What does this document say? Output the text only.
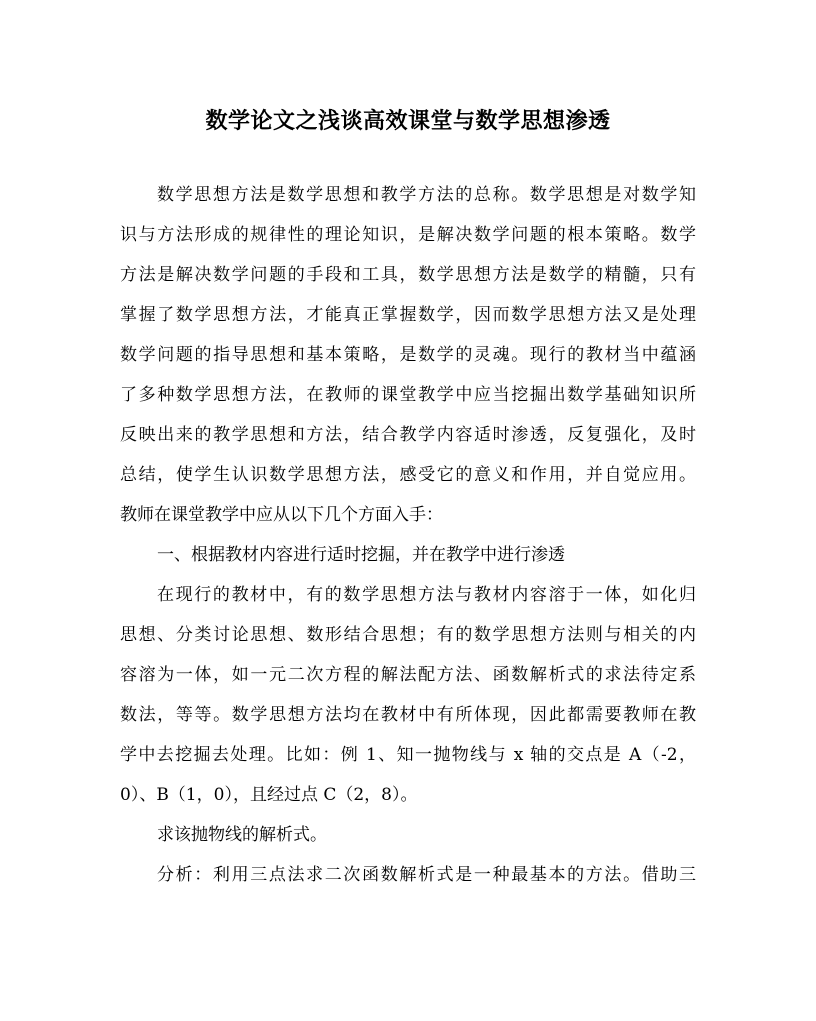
数学论文之浅谈高效课堂与数学思想渗透
数学思想方法是数学思想和教学方法的总称。数学思想是对数学知
识与方法形成的规律性的理论知识，是解决数学问题的根本策略。数学
方法是解决数学问题的手段和工具，数学思想方法是数学的精髓，只有
掌握了数学思想方法，才能真正掌握数学，因而数学思想方法又是处理
数学问题的指导思想和基本策略，是数学的灵魂。现行的教材当中蕴涵
了多种数学思想方法，在教师的课堂教学中应当挖掘出数学基础知识所
反映出来的教学思想和方法，结合教学内容适时渗透，反复强化，及时
总结，使学生认识数学思想方法，感受它的意义和作用，并自觉应用。
教师在课堂教学中应从以下几个方面入手：
一、根据教材内容进行适时挖掘，并在教学中进行渗透
在现行的教材中，有的数学思想方法与教材内容溶于一体，如化归
思想、分类讨论思想、数形结合思想；有的数学思想方法则与相关的内
容溶为一体，如一元二次方程的解法配方法、函数解析式的求法待定系
数法，等等。数学思想方法均在教材中有所体现，因此都需要教师在教
学中去挖掘去处理。比如：例 1、知一抛物线与 x 轴的交点是 A（-2，
0）、B（1，0），且经过点 C（2，8）。
求该抛物线的解析式。
分析：利用三点法求二次函数解析式是一种最基本的方法。借助三
